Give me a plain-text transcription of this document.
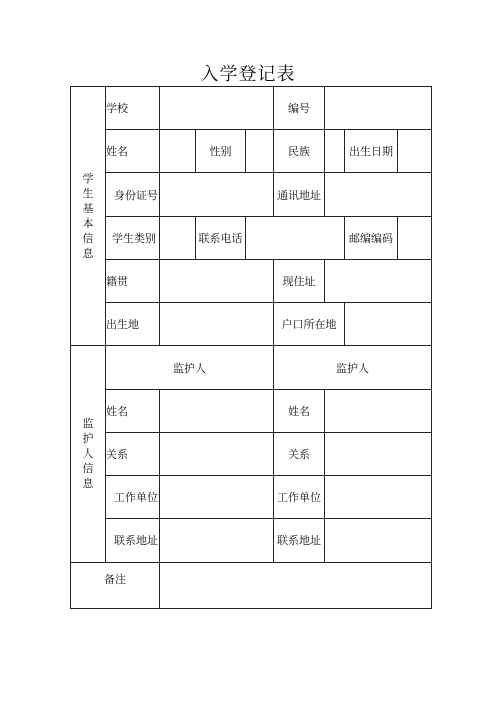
入学登记表
学生基本信息	学校				编号			
	姓名		性别		民族		出生日期	
	身份证号				通讯地址			
	学生类别		联系电话				邮编编码	
	籍贯				现住址			
	出生地				户口所在地			
监护人信息	监护人				监护人			
	姓名				姓名			
	关系				关系			
	工作单位				工作单位			
	联系地址				联系地址			
备注								
